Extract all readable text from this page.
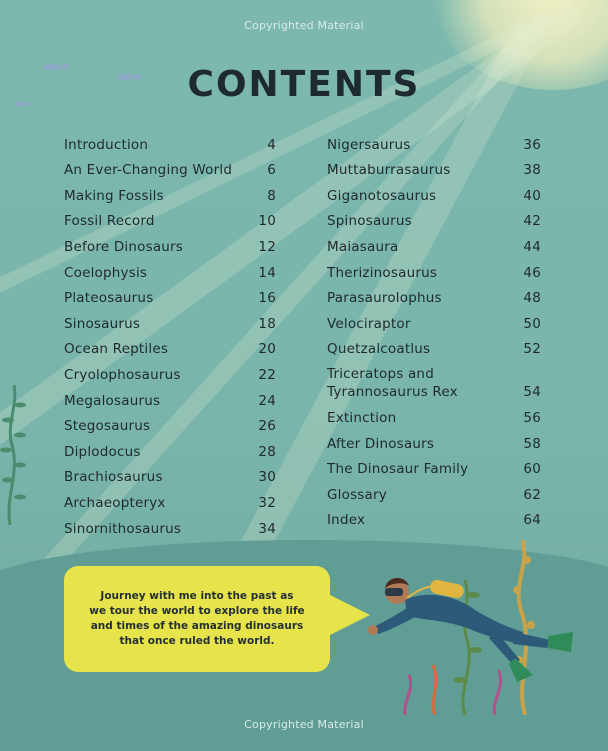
Copyrighted Material
CONTENTS
Introduction	4
An Ever-Changing World	6
Making Fossils	8
Fossil Record	10
Before Dinosaurs	12
Coelophysis	14
Plateosaurus	16
Sinosaurus	18
Ocean Reptiles	20
Cryolophosaurus	22
Megalosaurus	24
Stegosaurus	26
Diplodocus	28
Brachiosaurus	30
Archaeopteryx	32
Sinornithosaurus	34
Nigersaurus	36
Muttaburrasaurus	38
Giganotosaurus	40
Spinosaurus	42
Maiasaura	44
Therizinosaurus	46
Parasaurolophus	48
Velociraptor	50
Quetzalcoatlus	52
Triceratops and
Tyrannosaurus Rex	54
Extinction	56
After Dinosaurs	58
The Dinosaur Family	60
Glossary	62
Index	64
Journey with me into the past as
we tour the world to explore the life
and times of the amazing dinosaurs
that once ruled the world.
Copyrighted Material
